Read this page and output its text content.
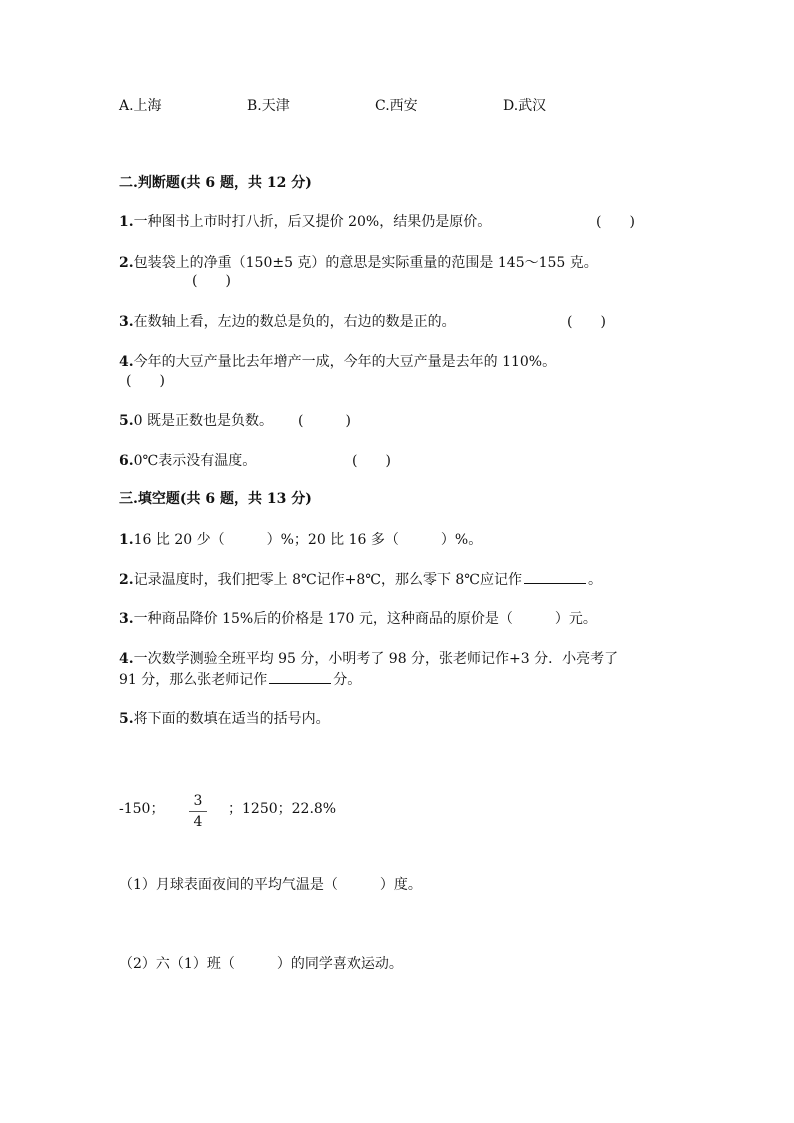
A.上海	B.天津	C.西安	D.武汉
二.判断题(共 6 题，共 12 分)
1.一种图书上市时打八折，后又提价 20%，结果仍是原价。	(　　)
2.包装袋上的净重（150±5 克）的意思是实际重量的范围是 145～155 克。
(　　)
3.在数轴上看，左边的数总是负的，右边的数是正的。	(　　)
4.今年的大豆产量比去年增产一成，今年的大豆产量是去年的 110%。
(　　)
5.0 既是正数也是负数。 (　　　)
6.0℃表示没有温度。	(　　)
三.填空题(共 6 题，共 13 分)
1.16 比 20 少（　　　）%；20 比 16 多（　　　）%。
2.记录温度时，我们把零上 8℃记作+8℃，那么零下 8℃应记作	。
3.一种商品降价 15%后的价格是 170 元，这种商品的原价是（　　　）元。
4.一次数学测验全班平均 95 分，小明考了 98 分，张老师记作+3 分．小亮考了
91 分，那么张老师记作	分。
5.将下面的数填在适当的括号内。
-150；	3
4
；1250；22.8%
（1）月球表面夜间的平均气温是（　　　）度。
（2）六（1）班（　　　）的同学喜欢运动。
